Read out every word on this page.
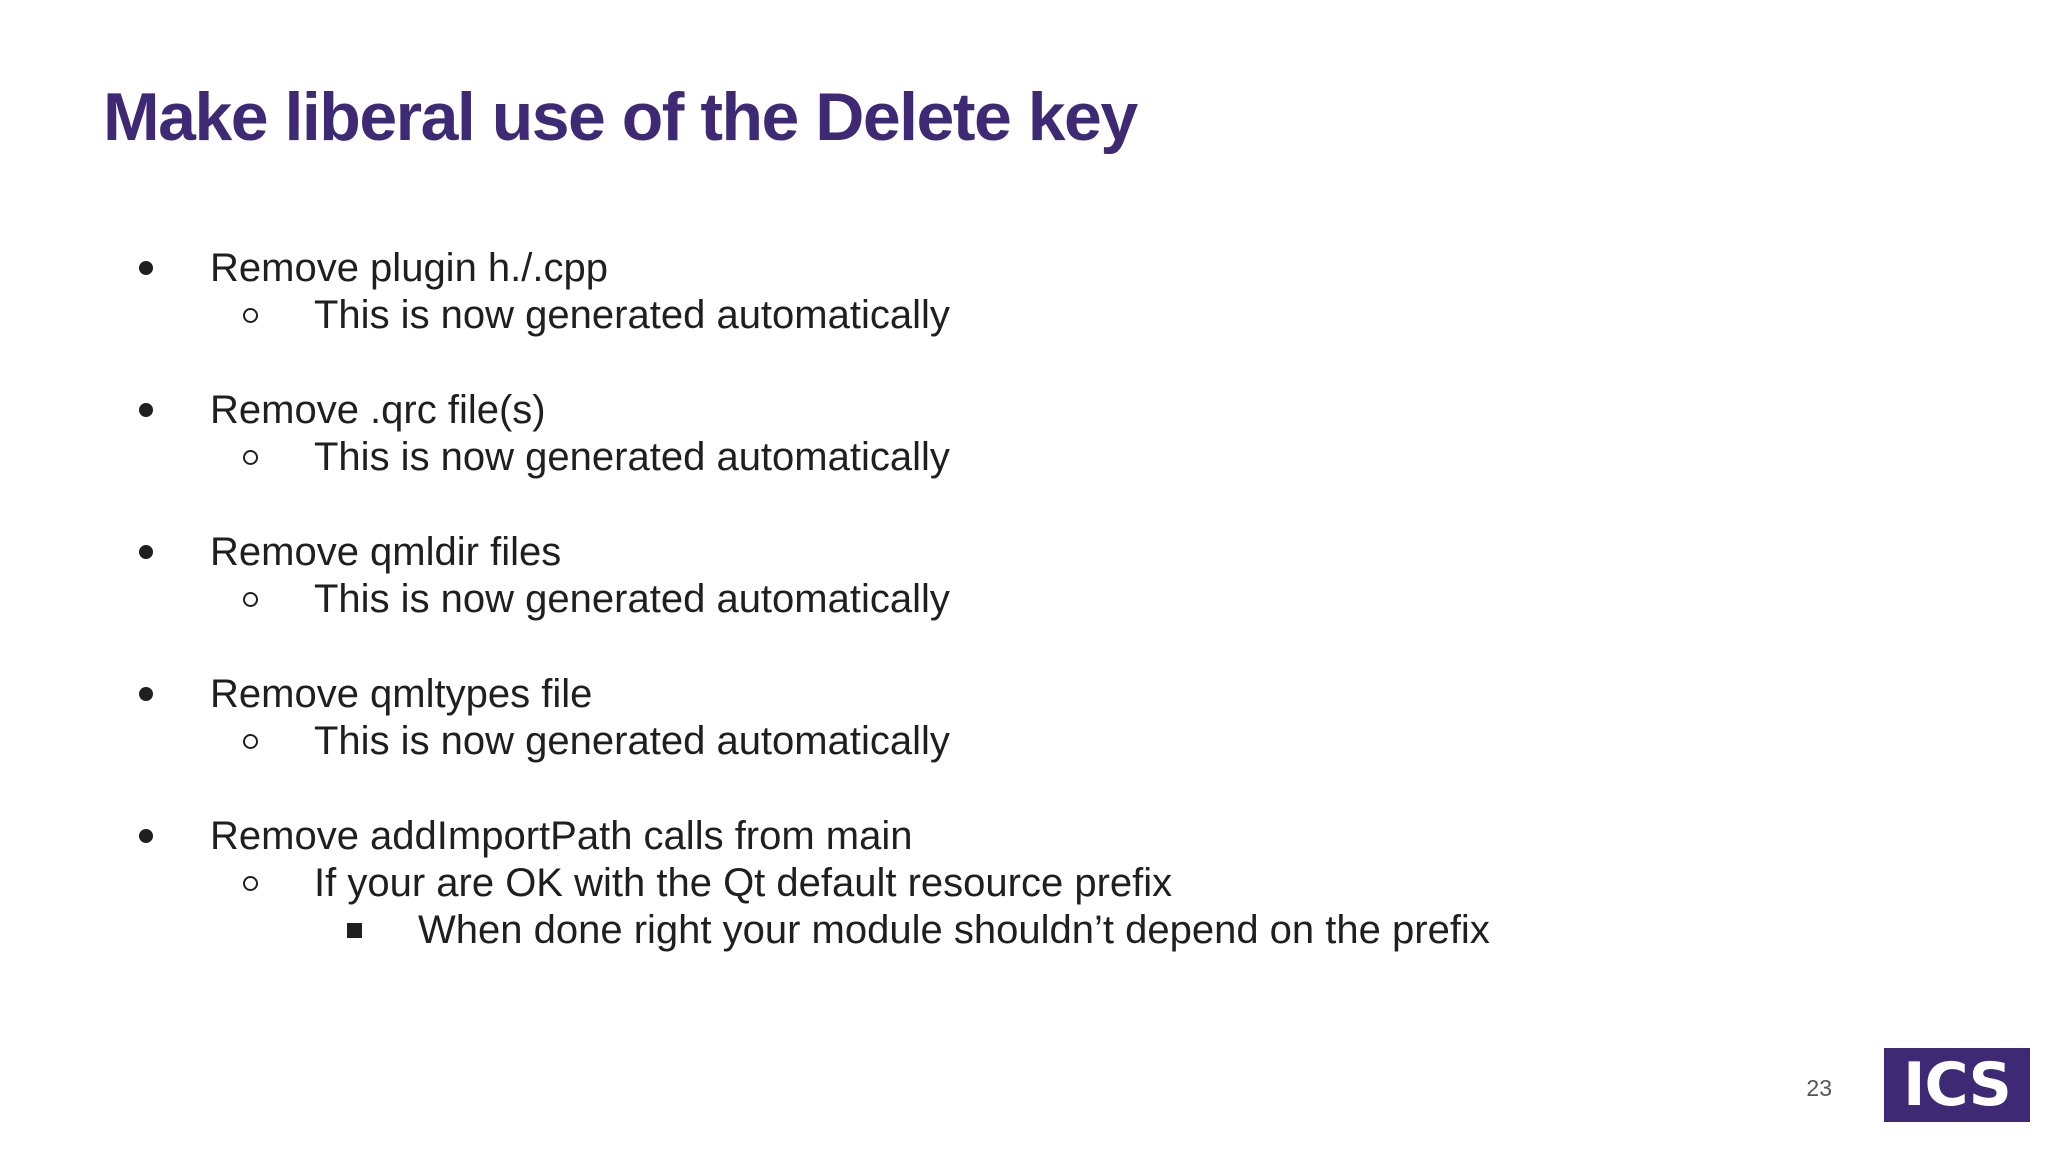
Make liberal use of the Delete key
Remove plugin h./.cpp
This is now generated automatically
Remove .qrc file(s)
This is now generated automatically
Remove qmldir files
This is now generated automatically
Remove qmltypes file
This is now generated automatically
Remove addImportPath calls from main
If your are OK with the Qt default resource prefix
When done right your module shouldn’t depend on the prefix
23	ICS
